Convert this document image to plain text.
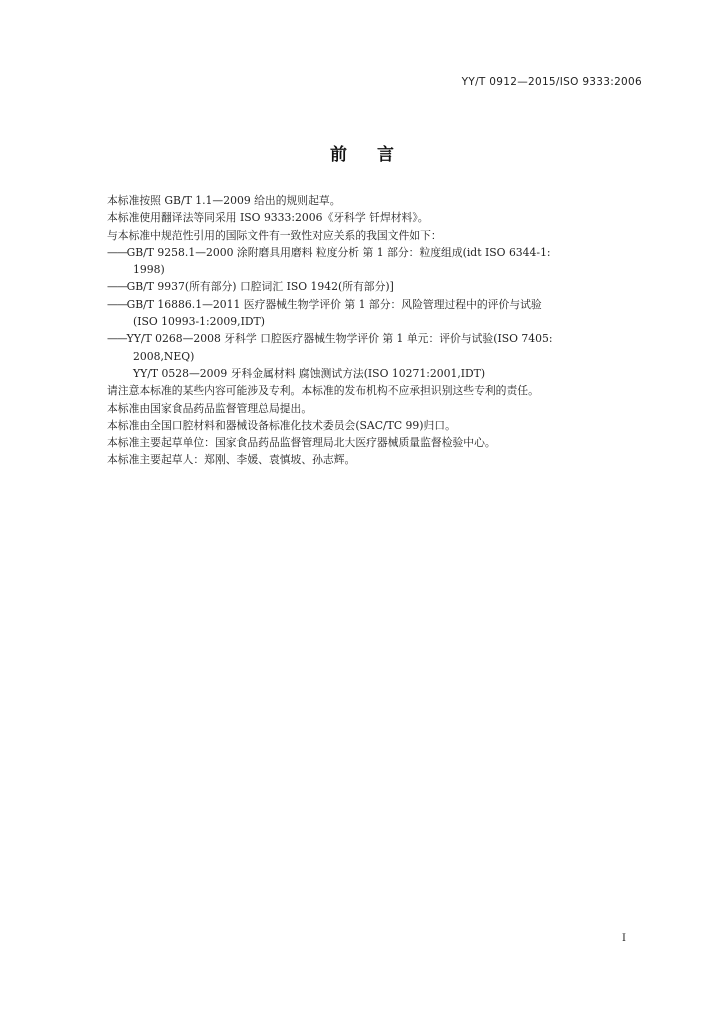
YY/T 0912—2015/ISO 9333:2006
前言
本标准按照 GB/T 1.1—2009 给出的规则起草。
本标准使用翻译法等同采用 ISO 9333:2006《牙科学 钎焊材料》。
与本标准中规范性引用的国际文件有一致性对应关系的我国文件如下：
——GB/T 9258.1—2000 涂附磨具用磨料 粒度分析 第 1 部分：粒度组成(idt ISO 6344-1:
1998)
——GB/T 9937(所有部分) 口腔词汇 ISO 1942(所有部分)]
——GB/T 16886.1—2011 医疗器械生物学评价 第 1 部分：风险管理过程中的评价与试验
(ISO 10993-1:2009,IDT)
——YY/T 0268—2008 牙科学 口腔医疗器械生物学评价 第 1 单元：评价与试验(ISO 7405:
2008,NEQ)
YY/T 0528—2009 牙科金属材料 腐蚀测试方法(ISO 10271:2001,IDT)
请注意本标准的某些内容可能涉及专利。本标准的发布机构不应承担识别这些专利的责任。
本标准由国家食品药品监督管理总局提出。
本标准由全国口腔材料和器械设备标准化技术委员会(SAC/TC 99)归口。
本标准主要起草单位：国家食品药品监督管理局北大医疗器械质量监督检验中心。
本标准主要起草人：郑刚、李媛、袁慎坡、孙志辉。
I
